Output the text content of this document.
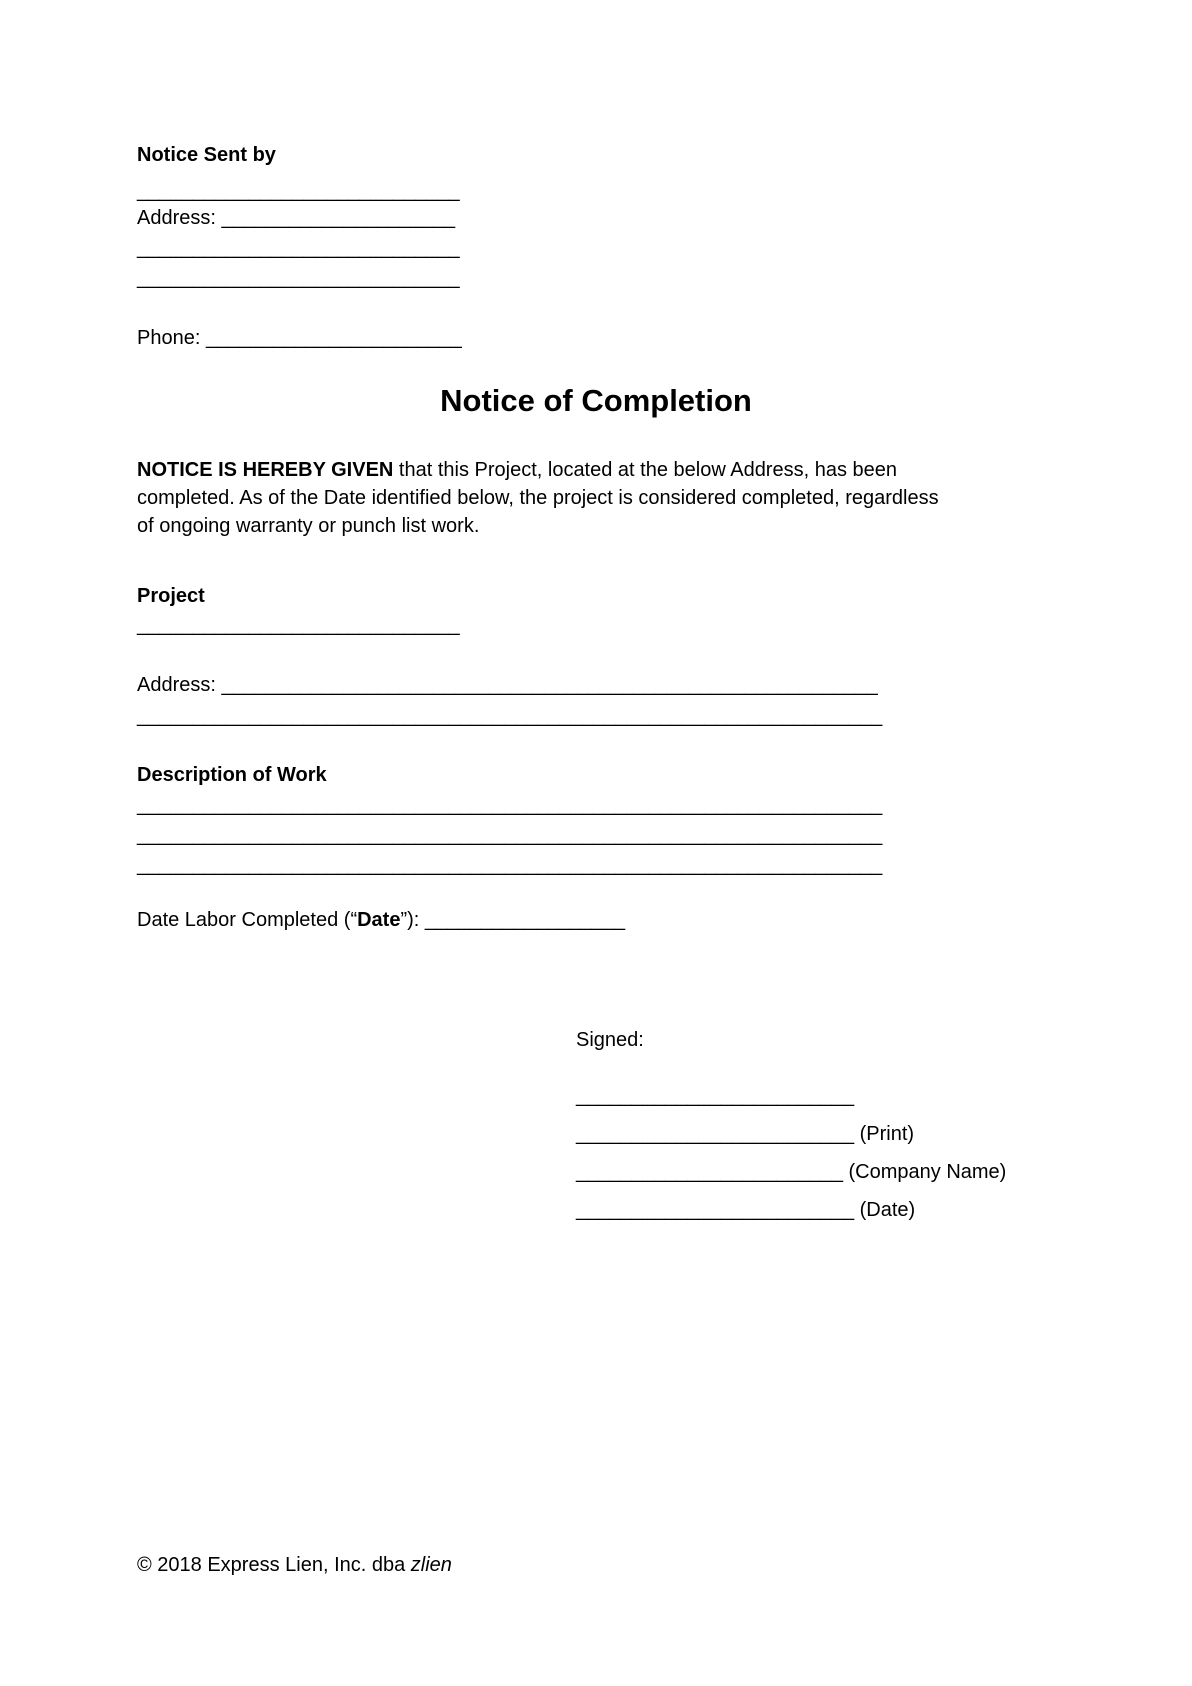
Notice Sent by
_____________________________
Address: _____________________
_____________________________
_____________________________
Phone: _______________________
Notice of Completion
NOTICE IS HEREBY GIVEN that this Project, located at the below Address, has been completed. As of the Date identified below, the project is considered completed, regardless of ongoing warranty or punch list work.
Project
_____________________________
Address: ___________________________________________________________
___________________________________________________________________
Description of Work
___________________________________________________________________
___________________________________________________________________
___________________________________________________________________
Date Labor Completed (“Date”): __________________
Signed:
_________________________
_________________________ (Print)
________________________ (Company Name)
_________________________ (Date)
© 2018 Express Lien, Inc. dba zlien
